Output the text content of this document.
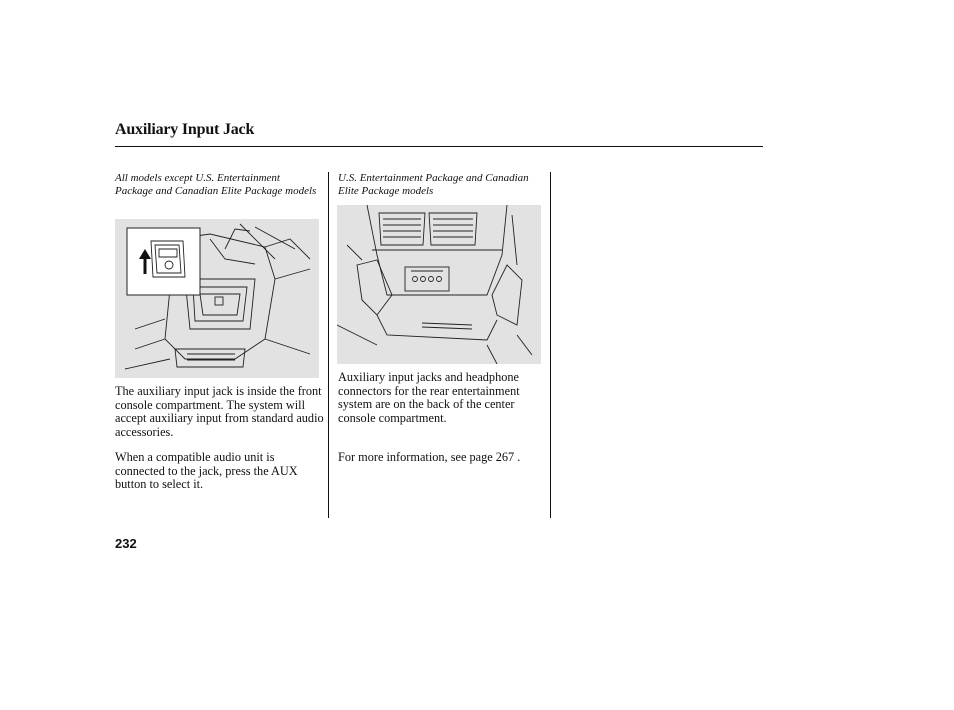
Auxiliary Input Jack
All models except U.S. Entertainment Package and Canadian Elite Package models
The auxiliary input jack is inside the front console compartment. The system will accept auxiliary input from standard audio accessories.
When a compatible audio unit is connected to the jack, press the AUX button to select it.
U.S. Entertainment Package and Canadian Elite Package models
Auxiliary input jacks and headphone connectors for the rear entertainment system are on the back of the center console compartment.
For more information, see page 267 .
232
